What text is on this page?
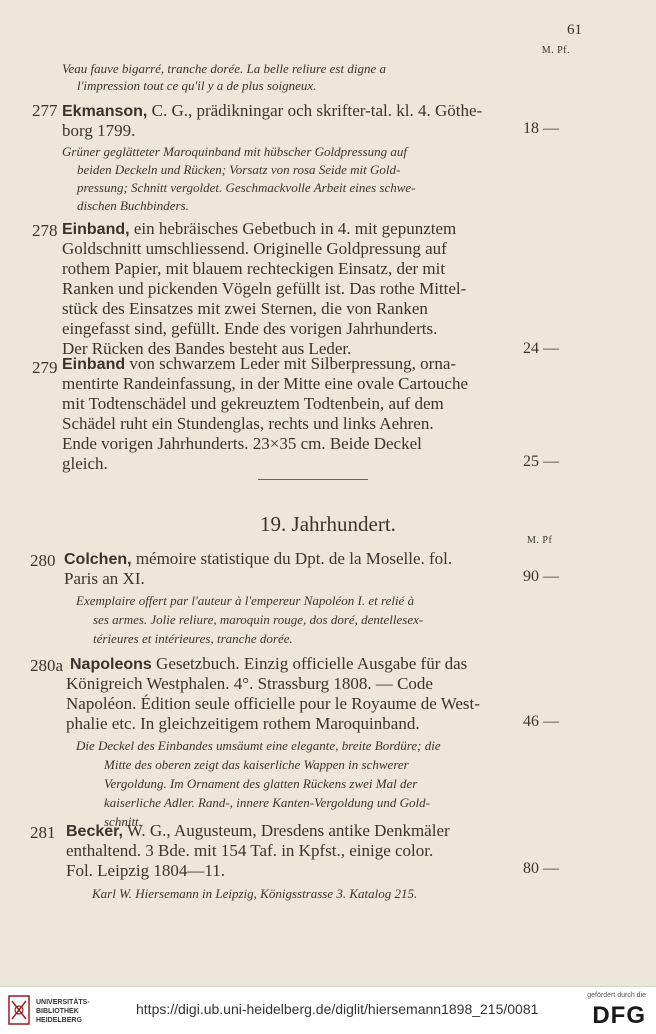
61
M. Pf.
Veau fauve bigarré, tranche dorée. La belle reliure est digne a
l'impression tout ce qu'il y a de plus soigneux.
277 Ekmanson, C. G., prädikningar och skrifter-tal. kl. 4. Göthe-
borg 1799.	18 —
Grüner geglätteter Maroquinband mit hübscher Goldpressung auf
beiden Deckeln und Rücken; Vorsatz von rosa Seide mit Gold-
pressung; Schnitt vergoldet. Geschmackvolle Arbeit eines schwe-
dischen Buchbinders.
278 Einband, ein hebräisches Gebetbuch in 4. mit gepunztem
Goldschnitt umschliessend. Originelle Goldpressung auf
rothem Papier, mit blauem rechteckigen Einsatz, der mit
Ranken und pickenden Vögeln gefüllt ist. Das rothe Mittel-
stück des Einsatzes mit zwei Sternen, die von Ranken
eingefasst sind, gefüllt. Ende des vorigen Jahrhunderts.
Der Rücken des Bandes besteht aus Leder.	24 —
279 Einband von schwarzem Leder mit Silberpressung, orna-
mentirte Randeinfassung, in der Mitte eine ovale Cartouche
mit Todtenschädel und gekreuztem Todtenbein, auf dem
Schädel ruht ein Stundenglas, rechts und links Aehren.
Ende vorigen Jahrhunderts. 23×35 cm. Beide Deckel
gleich.	25 —
19. Jahrhundert.
M. Pf
280 Colchen, mémoire statistique du Dpt. de la Moselle. fol.
Paris an XI.	90 —
Exemplaire offert par l'auteur à l'empereur Napoléon I. et relié à
ses armes. Jolie reliure, maroquin rouge, dos doré, dentellesex-
térieures et intérieures, tranche dorée.
280a Napoleons Gesetzbuch. Einzig officielle Ausgabe für das
Königreich Westphalen. 4°. Strassburg 1808. — Code
Napoléon. Édition seule officielle pour le Royaume de West-
phalie etc. In gleichzeitigem rothem Maroquinband.	46 —
Die Deckel des Einbandes umsäumt eine elegante, breite Bordüre; die
Mitte des oberen zeigt das kaiserliche Wappen in schwerer
Vergoldung. Im Ornament des glatten Rückens zwei Mal der
kaiserliche Adler. Rand-, innere Kanten-Vergoldung und Gold-
schnitt.
281 Becker, W. G., Augusteum, Dresdens antike Denkmäler
enthaltend. 3 Bde. mit 154 Taf. in Kpfst., einige color.
Fol. Leipzig 1804—11.	80 —
Karl W. Hiersemann in Leipzig, Königsstrasse 3. Katalog 215.
UNIVERSITÄTS-
BIBLIOTHEK
HEIDELBERG
https://digi.ub.uni-heidelberg.de/diglit/hiersemann1898_215/0081
gefördert durch die
DFG
